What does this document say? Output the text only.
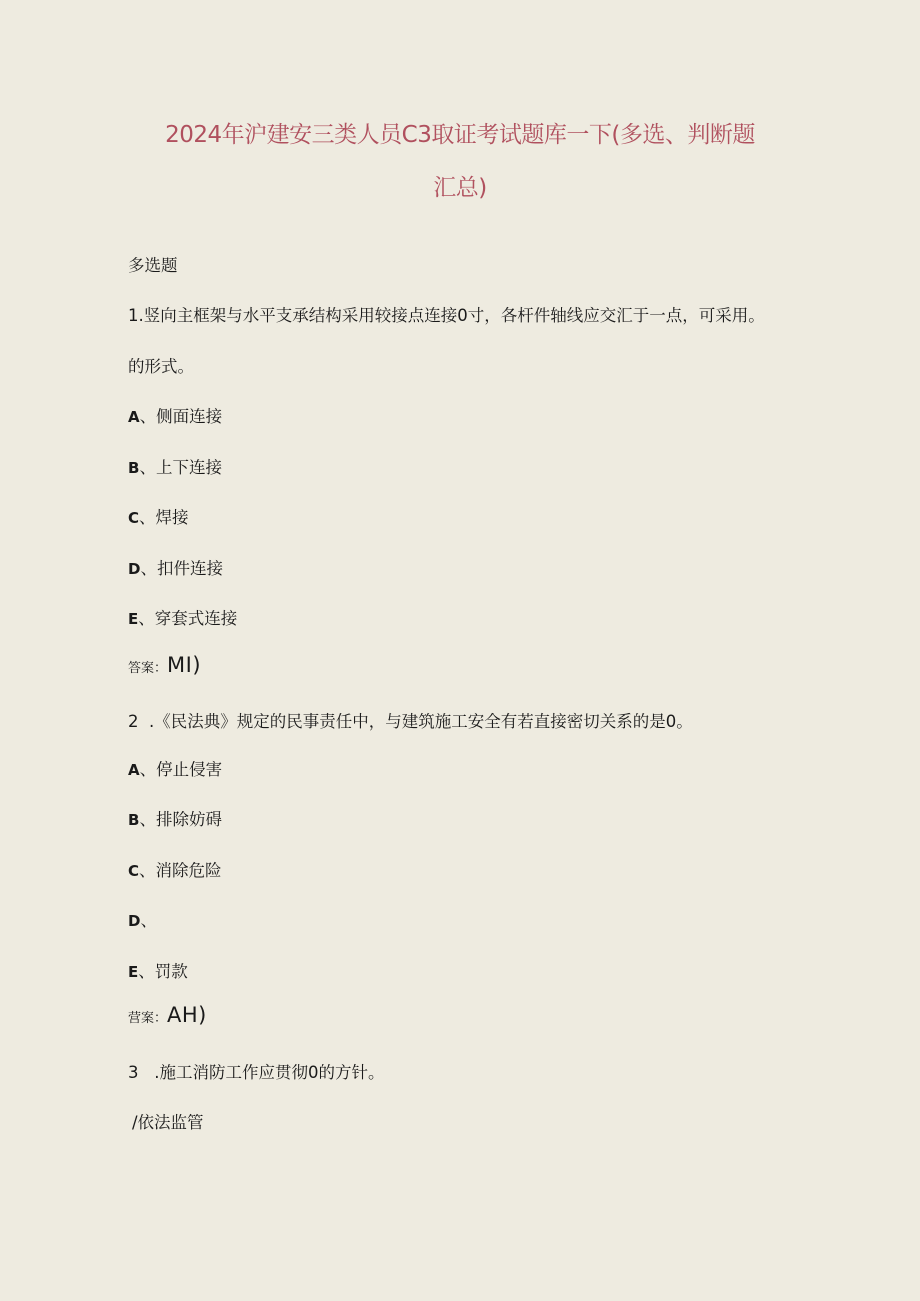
2024年沪建安三类人员C3取证考试题库一下(多选、判断题
汇总)
多选题
1.竖向主框架与水平支承结构采用较接点连接0寸，各杆件轴线应交汇于一点，可采用。
的形式。
A、侧面连接
B、上下连接
C、焊接
D、扣件连接
E、穿套式连接
答案：MI)
2  .《民法典》规定的民事责任中，与建筑施工安全有若直接密切关系的是0。
A、停止侵害
B、排除妨碍
C、消除危险
D、
E、罚款
营案：AH)
3   .施工消防工作应贯彻0的方针。
/依法监管
